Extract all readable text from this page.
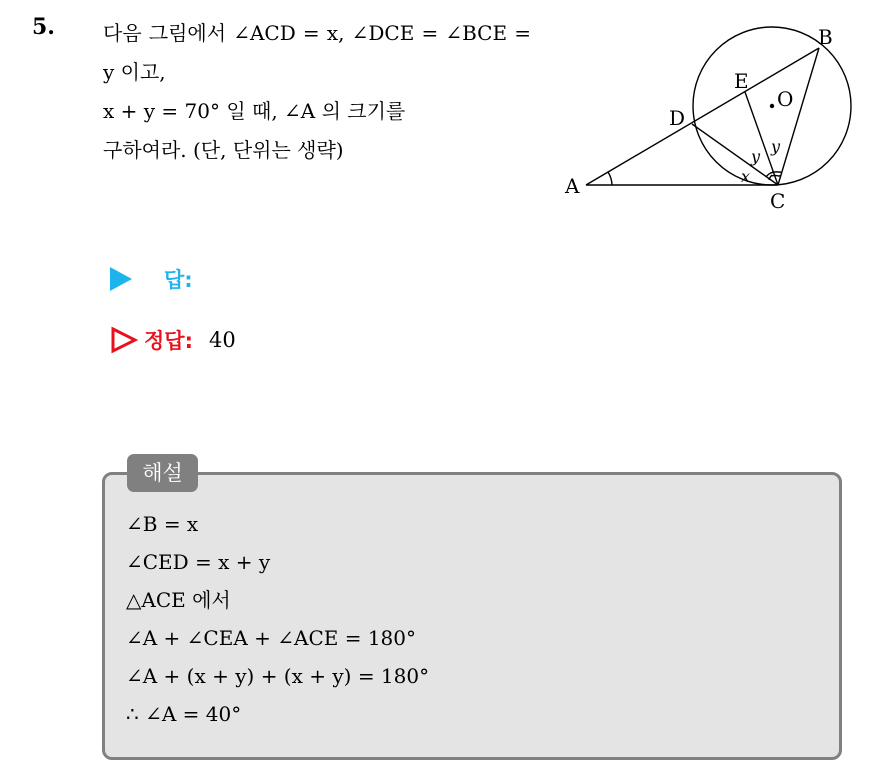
5. 다음 그림에서 ∠ACD = x, ∠DCE = ∠BCE = y 이고,
x + y = 70° 일 때, ∠A 의 크기를
구하여라. (단, 단위는 생략)
A
B
C
D
E
O
x
y
y
답:
정답: 40
해설
∠B = x
∠CED = x + y
△ACE 에서
∠A + ∠CEA + ∠ACE = 180°
∠A + (x + y) + (x + y) = 180°
∴ ∠A = 40°
